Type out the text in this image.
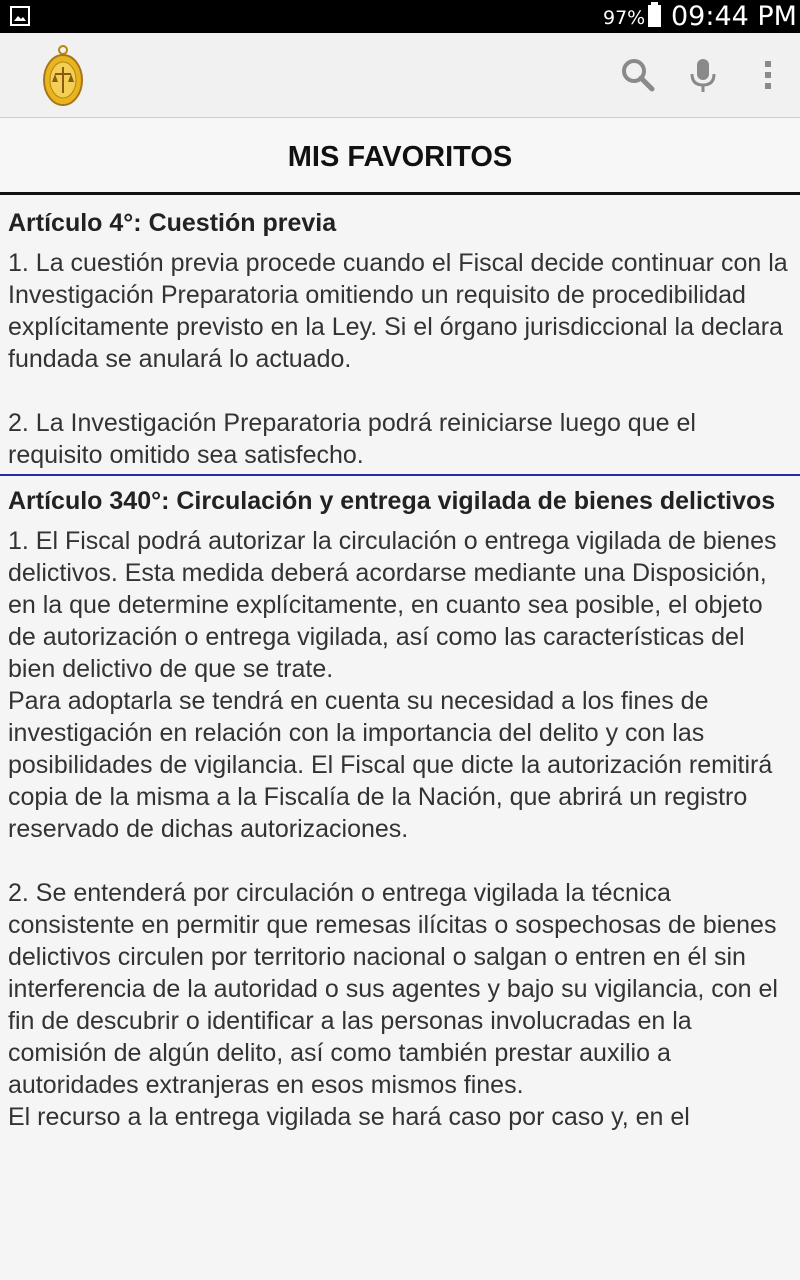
97% 09:44 PM
MIS FAVORITOS
Artículo 4°: Cuestión previa

1. La cuestión previa procede cuando el Fiscal decide continuar con la Investigación Preparatoria omitiendo un requisito de procedibilidad explícitamente previsto en la Ley. Si el órgano jurisdiccional la declara fundada se anulará lo actuado.

2. La Investigación Preparatoria podrá reiniciarse luego que el requisito omitido sea satisfecho.

Artículo 340°: Circulación y entrega vigilada de bienes delictivos

1. El Fiscal podrá autorizar la circulación o entrega vigilada de bienes delictivos. Esta medida deberá acordarse mediante una Disposición, en la que determine explícitamente, en cuanto sea posible, el objeto de autorización o entrega vigilada, así como las características del bien delictivo de que se trate.
Para adoptarla se tendrá en cuenta su necesidad a los fines de investigación en relación con la importancia del delito y con las posibilidades de vigilancia. El Fiscal que dicte la autorización remitirá copia de la misma a la Fiscalía de la Nación, que abrirá un registro reservado de dichas autorizaciones.

2. Se entenderá por circulación o entrega vigilada la técnica consistente en permitir que remesas ilícitas o sospechosas de bienes delictivos circulen por territorio nacional o salgan o entren en él sin interferencia de la autoridad o sus agentes y bajo su vigilancia, con el fin de descubrir o identificar a las personas involucradas en la comisión de algún delito, así como también prestar auxilio a autoridades extranjeras en esos mismos fines.
El recurso a la entrega vigilada se hará caso por caso y, en el
